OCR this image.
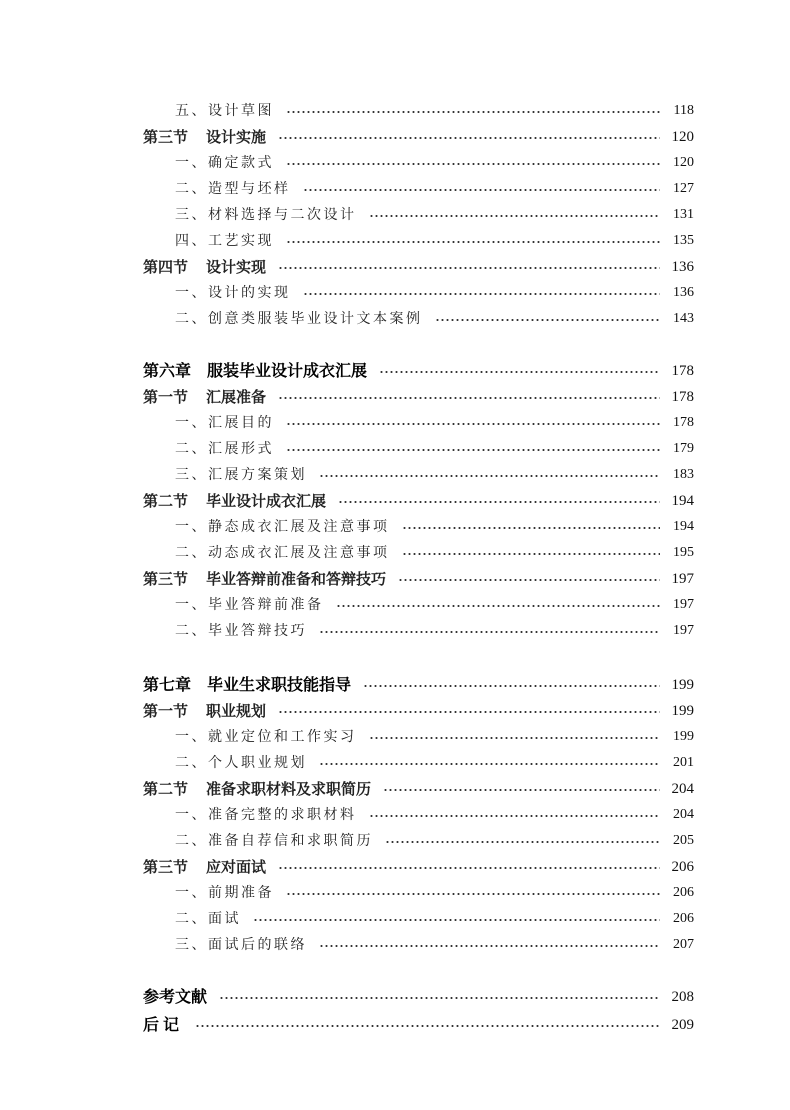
五、设计草图	118
第三节 设计实施	120
一、确定款式	120
二、造型与坯样	127
三、材料选择与二次设计	131
四、工艺实现	135
第四节 设计实现	136
一、设计的实现	136
二、创意类服装毕业设计文本案例	143
第六章 服装毕业设计成衣汇展	178
第一节 汇展准备	178
一、汇展目的	178
二、汇展形式	179
三、汇展方案策划	183
第二节 毕业设计成衣汇展	194
一、静态成衣汇展及注意事项	194
二、动态成衣汇展及注意事项	195
第三节 毕业答辩前准备和答辩技巧	197
一、毕业答辩前准备	197
二、毕业答辩技巧	197
第七章 毕业生求职技能指导	199
第一节 职业规划	199
一、就业定位和工作实习	199
二、个人职业规划	201
第二节 准备求职材料及求职简历	204
一、准备完整的求职材料	204
二、准备自荐信和求职简历	205
第三节 应对面试	206
一、前期准备	206
二、面试	206
三、面试后的联络	207
参考文献	208
后记	209
